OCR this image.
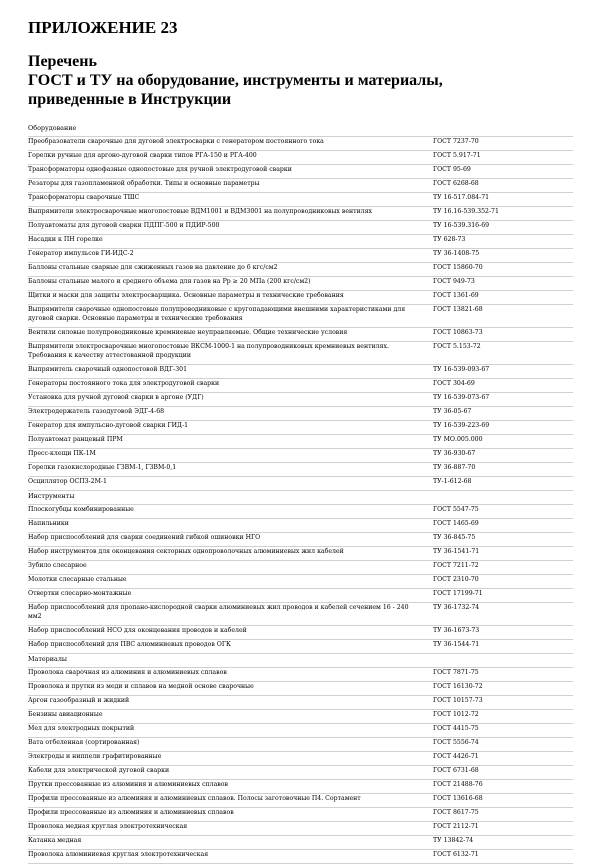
ПРИЛОЖЕНИЕ 23
Перечень
ГОСТ и ТУ на оборудование, инструменты и материалы,
приведенные в Инструкции
Оборудование
Преобразователи сварочные для дуговой электросварки с генератором постоянного тока	ГОСТ 7237-70
Горелки ручные для аргоно-дуговой сварки типов РГА-150 и РГА-400	ГОСТ 5.917-71
Трансформаторы однофазные однопостовые для ручной электродуговой сварки	ГОСТ 95-69
Резаторы для газопламенной обработки. Типы и основные параметры	ГОСТ 6268-68
Трансформаторы сварочные ТШС	ТУ 16-517.084-71
Выпрямители электросварочные многопостовые ВДМ1001 и ВДМ3001 на полупроводниковых вентилях	ТУ 16.16-539.352-71
Полуавтоматы для дуговой сварки ПДПГ-500 и ПДИР-500	ТУ 16-539.316-69
Насадки к ПН горелке	ТУ 628-73
Генератор импульсов ГИ-ИДС-2	ТУ 36-1408-75
Баллоны стальные сварные для сжиженных газов на давление до 6 кгс/см2	ГОСТ 15860-70
Баллоны стальные малого и среднего объема для газов на Рр ≥ 20 МПа (200 кгс/см2)	ГОСТ 949-73
Щитки и маски для защиты электросварщика. Основные параметры и технические требования	ГОСТ 1361-69
Выпрямители сварочные однопостовые полупроводниковые с кругопадающими внешними характеристиками для дуговой сварки. Основные параметры и технические требования
ГОСТ 13821-68
Вентили силовые полупроводниковые кремниевые неуправляемые. Общие технические условия	ГОСТ 10863-73
Выпрямители электросварочные многопостовые ВКСМ-1000-1 на полупроводниковых кремниевых вентилях. Требования к качеству аттестованной продукции
ГОСТ 5.153-72
Выпрямитель сварочный однопостовой ВДГ-301	ТУ 16-539-093-67
Генераторы постоянного тока для электродуговой сварки	ГОСТ 304-69
Установка для ручной дуговой сварки в аргоне (УДГ)	ТУ 16-539-073-67
Электродержатель газодуговой ЭДГ-4-68	ТУ 36-05-67
Генератор для импульсно-дуговой сварки ГИД-1	ТУ 16-539-223-69
Полуавтомат ранцевый ПРМ	ТУ МО.005.000
Пресс-клещи ПК-1М	ТУ 36-930-67
Горелки газокислородные ГЗВМ-1, ГЗВМ-0,1	ТУ 36-887-70
Осциллятор ОСПЗ-2М-1	ТУ-1-612-68
Инструменты
Плоскогубцы комбинированные	ГОСТ 5547-75
Напильники	ГОСТ 1465-69
Набор приспособлений для сварки соединений гибкой ошиновки НГО	ТУ 36-845-75
Набор инструментов для оконцевания секторных однопроволочных алюминиевых жил кабелей	ТУ 36-1541-71
Зубило слесарное	ГОСТ 7211-72
Молотки слесарные стальные	ГОСТ 2310-70
Отвертки слесарно-монтажные	ГОСТ 17199-71
Набор приспособлений для пропано-кислородной сварки алюминиевых жил проводов и кабелей сечением 16 - 240 мм2
ТУ 36-1732-74
Набор приспособлений НСО для оконцевания проводов и кабелей	ТУ 36-1673-73
Набор приспособлений для ПВС алюминиевых проводов ОГК	ТУ 36-1544-71
Материалы
Проволока сварочная из алюминия и алюминиевых сплавов	ГОСТ 7871-75
Проволока и прутки из меди и сплавов на медной основе сварочные	ГОСТ 16130-72
Аргон газообразный и жидкий	ГОСТ 10157-73
Бензины авиационные	ГОСТ 1012-72
Мел для электродных покрытий	ГОСТ 4415-75
Вата отбеленная (сортированная)	ГОСТ 5556-74
Электроды и ниппели графитированные	ГОСТ 4426-71
Кабели для электрической дуговой сварки	ГОСТ 6731-68
Прутки прессованные из алюминия и алюминиевых сплавов	ГОСТ 21488-76
Профили прессованные из алюминия и алюминиевых сплавов. Полосы заготовочные П4. Сортамент	ГОСТ 13616-68
Профили прессованные из алюминия и алюминиевых сплавов	ГОСТ 8617-75
Проволока медная круглая электротехническая	ГОСТ 2112-71
Катанка медная	ТУ 13842-74
Проволока алюминиевая круглая электротехническая	ГОСТ 6132-71
